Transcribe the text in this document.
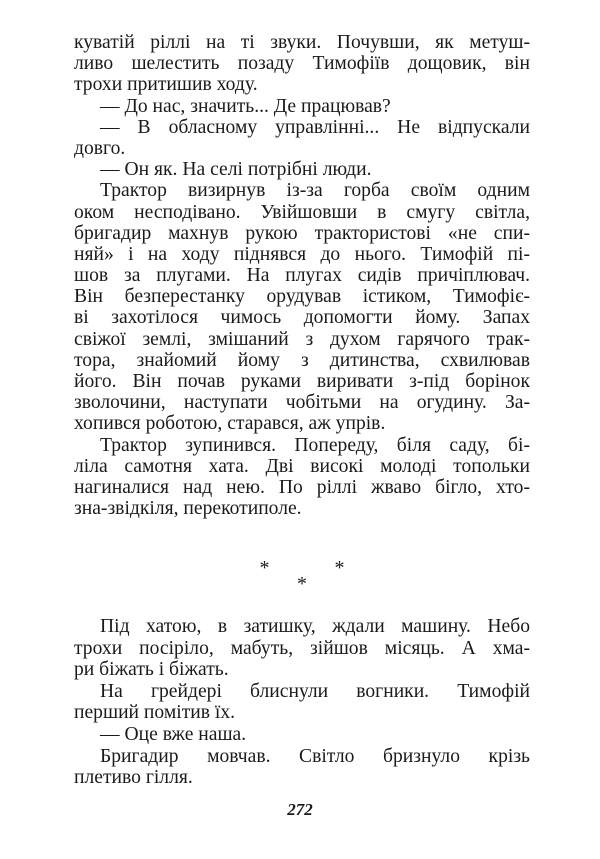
куватій ріллі на ті звуки. Почувши, як метуш-
ливо шелестить позаду Тимофіїв дощовик, він
трохи притишив ходу.
— До нас, значить... Де працював?
— В обласному управлінні... Не відпускали
довго.
— Он як. На селі потрібні люди.
Трактор визирнув із-за горба своїм одним
оком несподівано. Увійшовши в смугу світла,
бригадир махнув рукою трактористові «не спи-
няй» і на ходу піднявся до нього. Тимофій пі-
шов за плугами. На плугах сидів причіплювач.
Він безперестанку орудував істиком, Тимофіє-
ві захотілося чимось допомогти йому. Запах
свіжої землі, змішаний з духом гарячого трак-
тора, знайомий йому з дитинства, схвилював
його. Він почав руками виривати з-під борінок
зволочини, наступати чобітьми на огудину. За-
хопився роботою, старався, аж упрів.
Трактор зупинився. Попереду, біля саду, бі-
ліла самотня хата. Дві високі молоді топольки
нагиналися над нею. По ріллі жваво бігло, хто-
зна-звідкіля, перекотиполе.
* *
*
Під хатою, в затишку, ждали машину. Небо
трохи посіріло, мабуть, зійшов місяць. А хма-
ри біжать і біжать.
На грейдері блиснули вогники. Тимофій
перший помітив їх.
— Оце вже наша.
Бригадир мовчав. Світло бризнуло крізь
плетиво гілля.
272
